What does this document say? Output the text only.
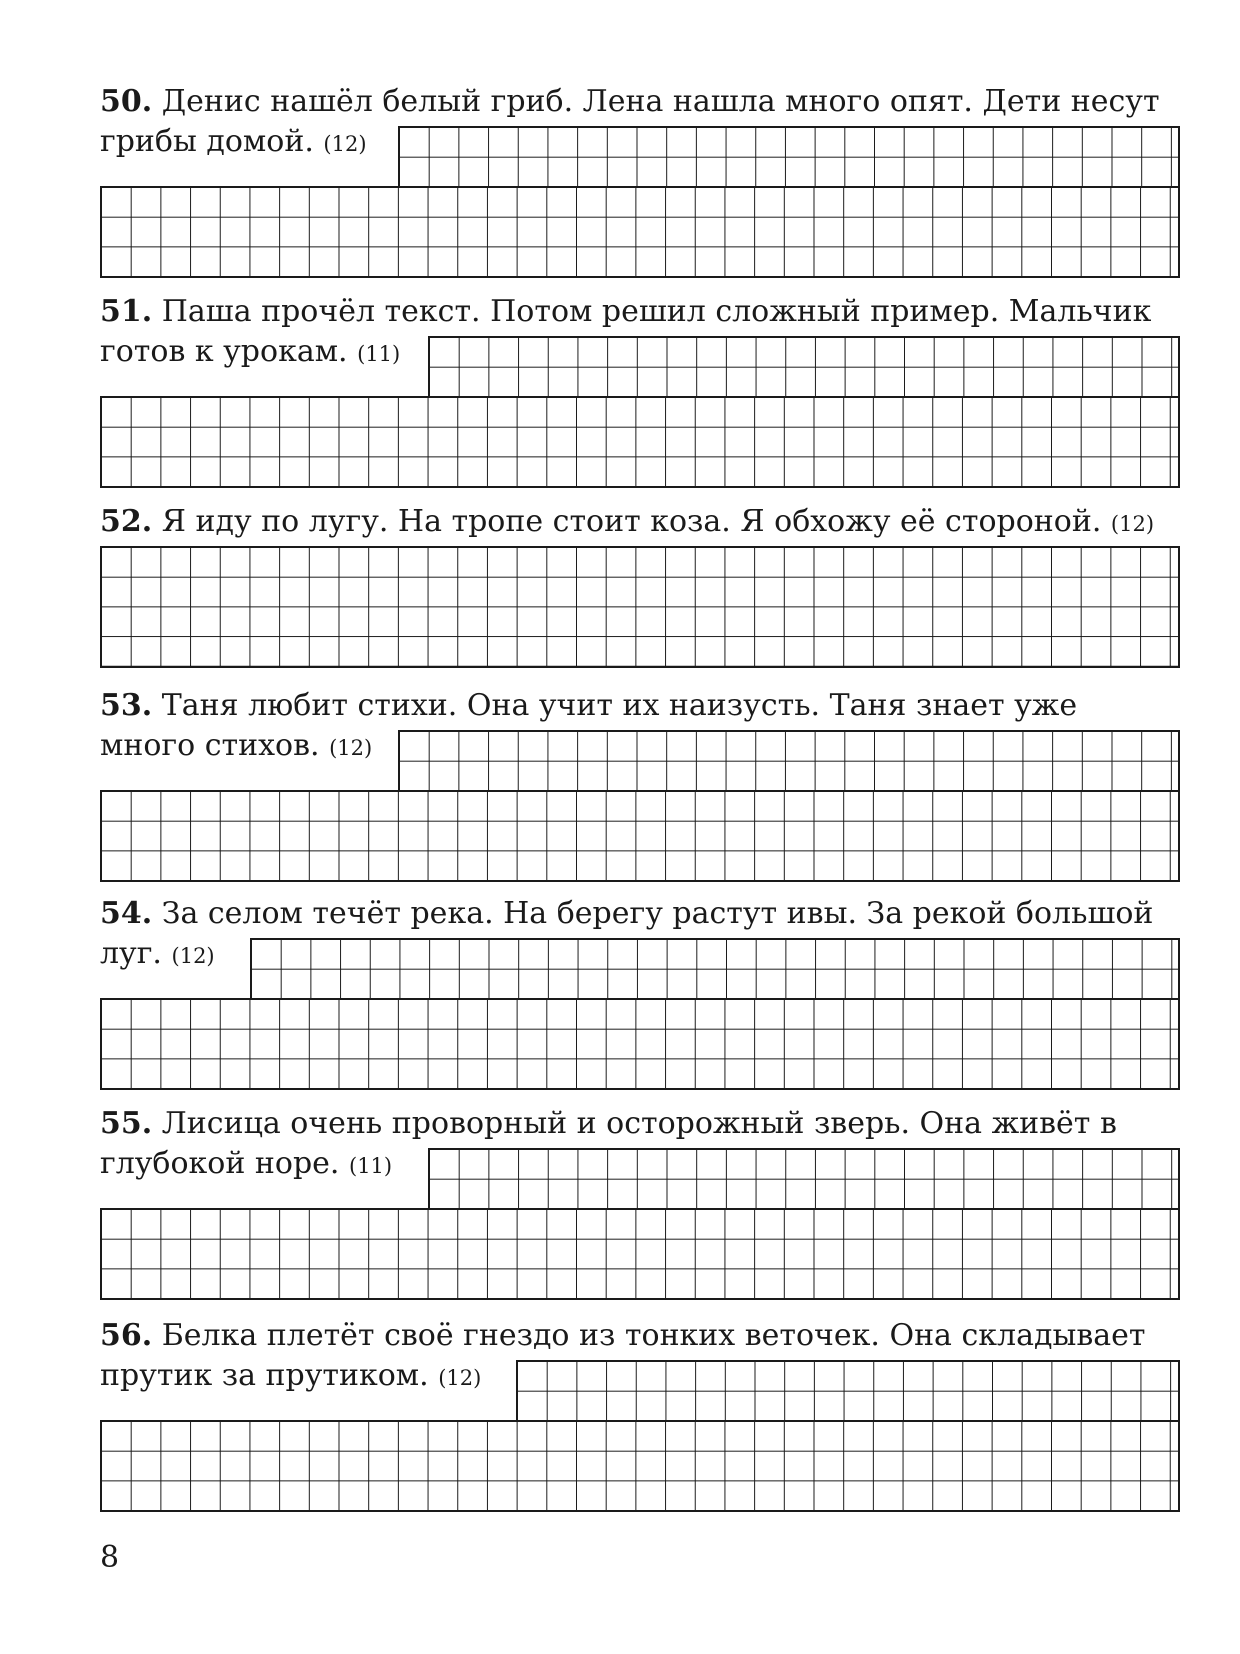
50. Денис нашёл белый гриб. Лена нашла много опят. Дети несут
грибы домой. (12)
51. Паша прочёл текст. Потом решил сложный пример. Мальчик
готов к урокам. (11)
52. Я иду по лугу. На тропе стоит коза. Я обхожу её стороной. (12)
53. Таня любит стихи. Она учит их наизусть. Таня знает уже
много стихов. (12)
54. За селом течёт река. На берегу растут ивы. За рекой большой
луг. (12)
55. Лисица очень проворный и осторожный зверь. Она живёт в
глубокой норе. (11)
56. Белка плетёт своё гнездо из тонких веточек. Она складывает
прутик за прутиком. (12)
8
